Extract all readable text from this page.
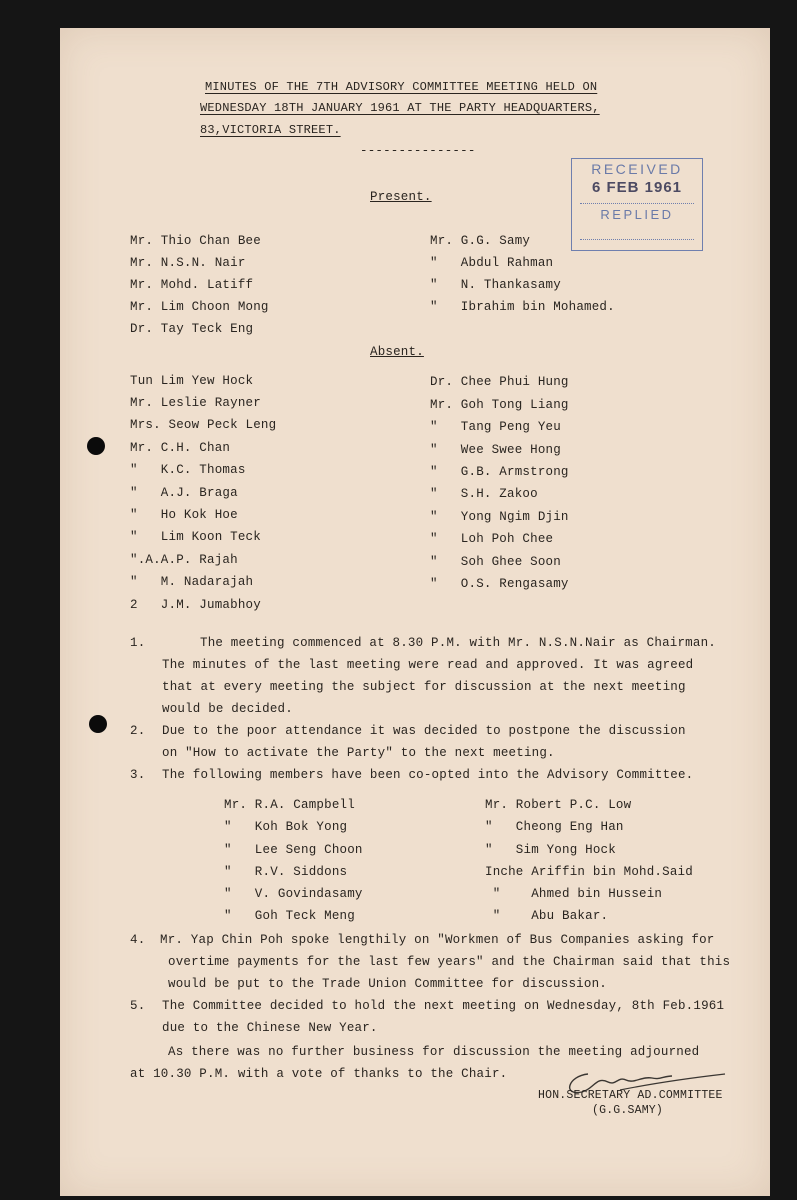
MINUTES OF THE 7TH ADVISORY COMMITTEE MEETING HELD ON
WEDNESDAY 18TH JANUARY 1961 AT THE PARTY HEADQUARTERS,
83,VICTORIA STREET.
---------------
RECEIVED
6 FEB 1961
REPLIED
Present.
Mr. Thio Chan Bee
Mr. N.S.N. Nair
Mr. Mohd. Latiff
Mr. Lim Choon Mong
Dr. Tay Teck Eng
Mr. G.G. Samy
"   Abdul Rahman
"   N. Thankasamy
"   Ibrahim bin Mohamed.
Absent.
Tun Lim Yew Hock
Mr. Leslie Rayner
Mrs. Seow Peck Leng
Mr. C.H. Chan
"   K.C. Thomas
"   A.J. Braga
"   Ho Kok Hoe
"   Lim Koon Teck
".A.A.P. Rajah
"   M. Nadarajah
2   J.M. Jumabhoy
Dr. Chee Phui Hung
Mr. Goh Tong Liang
"   Tang Peng Yeu
"   Wee Swee Hong
"   G.B. Armstrong
"   S.H. Zakoo
"   Yong Ngim Djin
"   Loh Poh Chee
"   Soh Ghee Soon
"   O.S. Rengasamy
1.	The meeting commenced at 8.30 P.M. with Mr. N.S.N.Nair as Chairman.
The minutes of the last meeting were read and approved. It was agreed
that at every meeting the subject for discussion at the next meeting
would be decided.
2. Due to the poor attendance it was decided to postpone the discussion
on "How to activate the Party" to the next meeting.
3. The following members have been co-opted into the Advisory Committee.
Mr. R.A. Campbell
"   Koh Bok Yong
"   Lee Seng Choon
"   R.V. Siddons
"   V. Govindasamy
"   Goh Teck Meng
Mr. Robert P.C. Low
"   Cheong Eng Han
"   Sim Yong Hock
Inche Ariffin bin Mohd.Said
"    Ahmed bin Hussein
"    Abu Bakar.
4. Mr. Yap Chin Poh spoke lengthily on "Workmen of Bus Companies asking for
overtime payments for the last few years" and the Chairman said that this
would be put to the Trade Union Committee for discussion.
5. The Committee decided to hold the next meeting on Wednesday, 8th Feb.1961
due to the Chinese New Year.
As there was no further business for discussion the meeting adjourned
at 10.30 P.M. with a vote of thanks to the Chair.
HON.SECRETARY AD.COMMITTEE
(G.G.SAMY)
